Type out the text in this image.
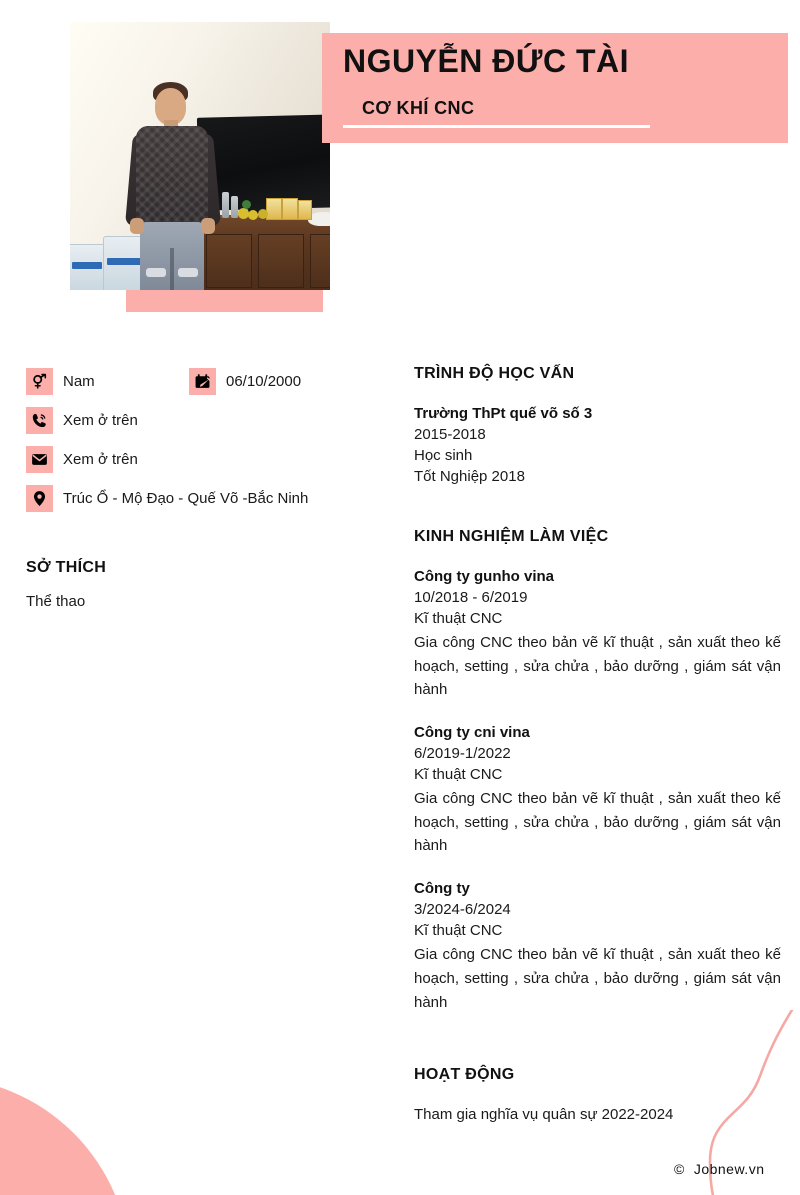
NGUYỄN ĐỨC TÀI
CƠ KHÍ CNC
Nam	06/10/2000
Xem ở trên
Xem ở trên
Trúc Ổ - Mộ Đạo - Quế Võ -Bắc Ninh
SỞ THÍCH
Thể thao
TRÌNH ĐỘ HỌC VẤN
Trường ThPt quế võ số 3
2015-2018
Học sinh
Tốt Nghiệp 2018
KINH NGHIỆM LÀM VIỆC
Công ty gunho vina
10/2018 - 6/2019
Kĩ thuật CNC
Gia công CNC theo bản vẽ kĩ thuật , sản xuất theo kế hoạch, setting , sửa chửa , bảo dưỡng , giám sát vận hành
Công ty cni vina
6/2019-1/2022
Kĩ thuật CNC
Gia công CNC theo bản vẽ kĩ thuật , sản xuất theo kế hoạch, setting , sửa chửa , bảo dưỡng , giám sát vận hành
Công ty
3/2024-6/2024
Kĩ thuật CNC
Gia công CNC theo bản vẽ kĩ thuật , sản xuất theo kế hoạch, setting , sửa chửa , bảo dưỡng , giám sát vận hành
HOẠT ĐỘNG
Tham gia nghĩa vụ quân sự 2022-2024
© Jobnew.vn
